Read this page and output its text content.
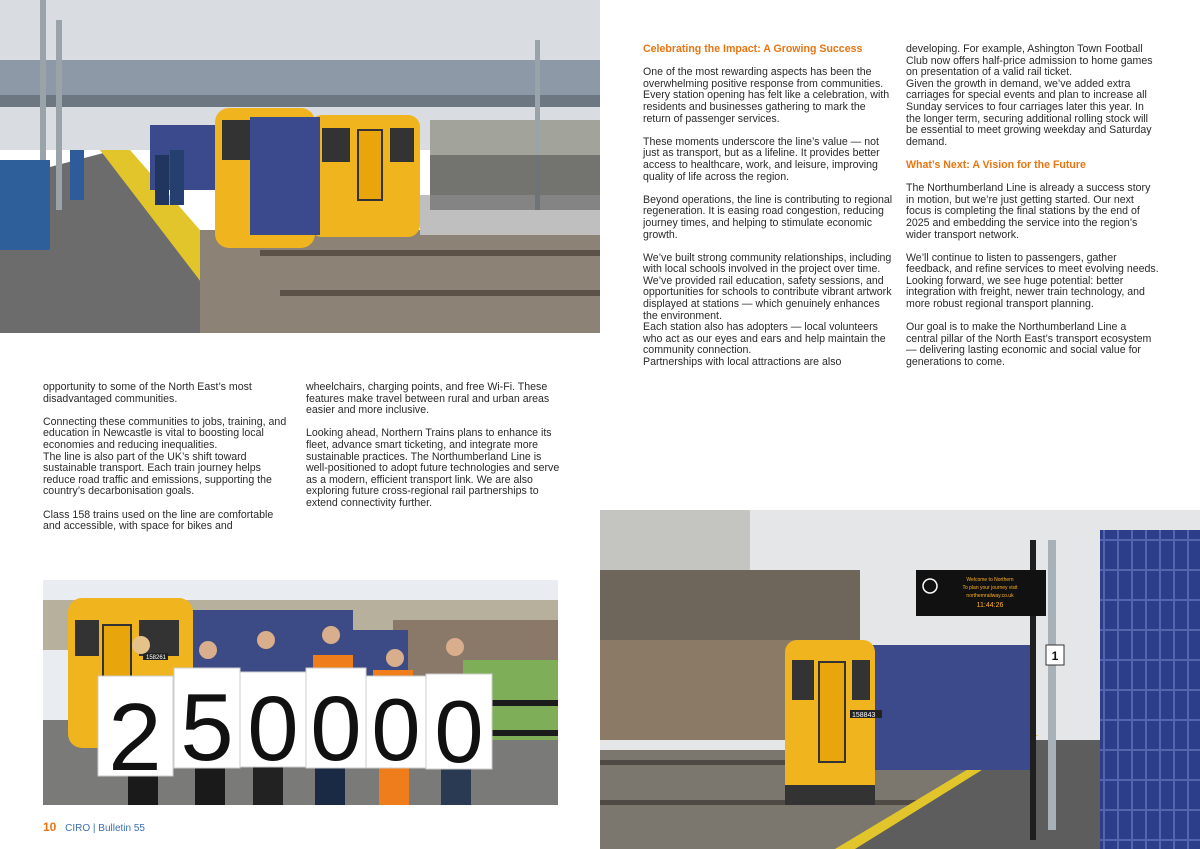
158261
2 5 0 0 0 0	158843
Welcome to Northern
To plan your journey visit
northernrailway.co.uk
11:44:26
1

opportunity to some of the North East’s most disadvantaged communities.

Connecting these communities to jobs, training, and education in Newcastle is vital to boosting local economies and reducing inequalities.

The line is also part of the UK’s shift toward sustainable transport. Each train journey helps reduce road traffic and emissions, supporting the country’s decarbonisation goals.

Class 158 trains used on the line are comfortable and accessible, with space for bikes and

wheelchairs, charging points, and free Wi-Fi. These features make travel between rural and urban areas easier and more inclusive.

Looking ahead, Northern Trains plans to enhance its fleet, advance smart ticketing, and integrate more sustainable practices. The Northumberland Line is well-positioned to adopt future technologies and serve as a modern, efficient transport link. We are also exploring future cross-regional rail partnerships to extend connectivity further.

Celebrating the Impact: A Growing Success

One of the most rewarding aspects has been the overwhelming positive response from communities. Every station opening has felt like a celebration, with residents and businesses gathering to mark the return of passenger services.

These moments underscore the line’s value — not just as transport, but as a lifeline. It provides better access to healthcare, work, and leisure, improving quality of life across the region.

Beyond operations, the line is contributing to regional regeneration. It is easing road congestion, reducing journey times, and helping to stimulate economic growth.

We’ve built strong community relationships, including with local schools involved in the project over time. We’ve provided rail education, safety sessions, and opportunities for schools to contribute vibrant artwork displayed at stations — which genuinely enhances the environment.

Each station also has adopters — local volunteers who act as our eyes and ears and help maintain the community connection.

Partnerships with local attractions are also

developing. For example, Ashington Town Football Club now offers half-price admission to home games on presentation of a valid rail ticket.

Given the growth in demand, we’ve added extra carriages for special events and plan to increase all Sunday services to four carriages later this year. In the longer term, securing additional rolling stock will be essential to meet growing weekday and Saturday demand.

What’s Next: A Vision for the Future

The Northumberland Line is already a success story in motion, but we’re just getting started. Our next focus is completing the final stations by the end of 2025 and embedding the service into the region’s wider transport network.

We’ll continue to listen to passengers, gather feedback, and refine services to meet evolving needs. Looking forward, we see huge potential: better integration with freight, newer train technology, and more robust regional transport planning.

Our goal is to make the Northumberland Line a central pillar of the North East’s transport ecosystem — delivering lasting economic and social value for generations to come.

10 CIRO | Bulletin 55
